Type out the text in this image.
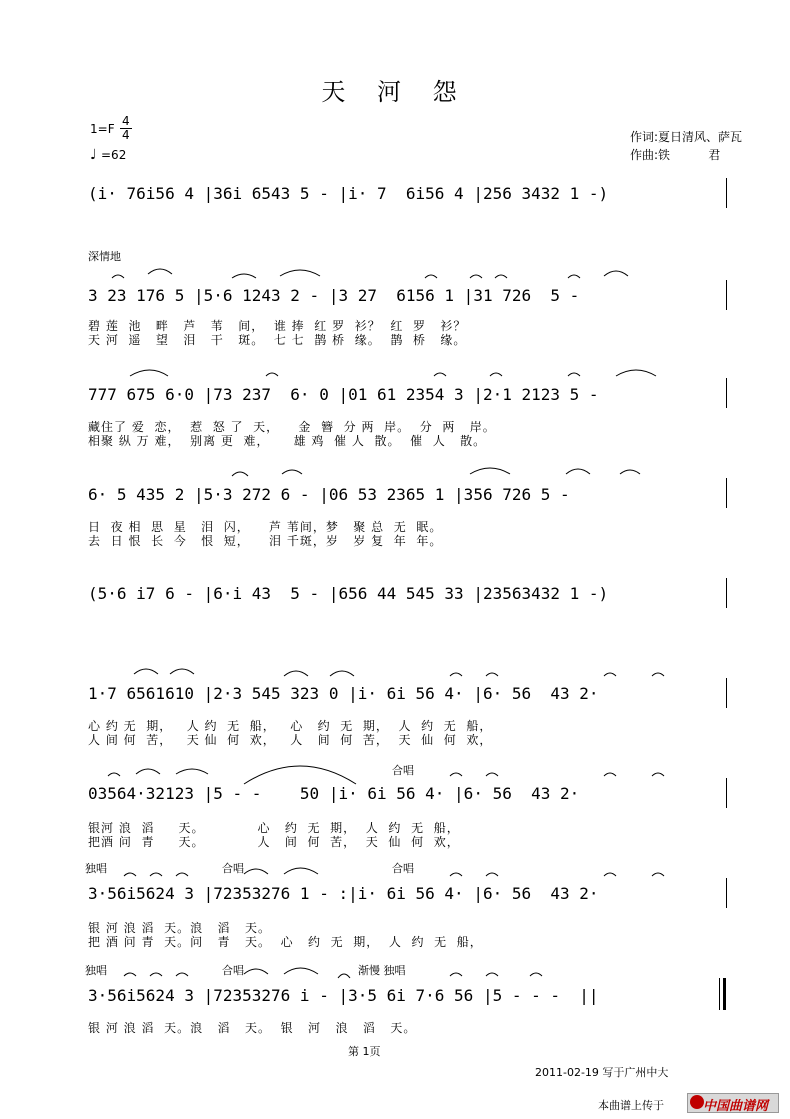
天 河 怨
1=F
4
4
♩ =62
作词:夏日清风、萨瓦
作曲:铁          君
深情地
合唱
独唱	合唱	合唱
独唱	合唱	渐慢 独唱
(i· 76i56 4 |36i 6543 5 - |i· 7  6i56 4 |256 3432 1 -)
3 23 176 5 |5·6 1243 2 - |3 27  6156 1 |31 726  5 -
碧 莲  池   畔   芦   苇   间，  谁 捧  红 罗  衫？  红  罗   衫？
天 河  遥   望   泪   干   斑。  七 七  鹊 桥  缘。  鹊  桥   缘。
777 675 6·0 |73 237  6· 0 |01 61 2354 3 |2·1 2123 5 -
藏住了 爱  恋，  惹  怒 了  天，    金  簪  分 两  岸。  分  两   岸。
相聚 纵 万 难，  别离 更  难，     雄 鸡  催 人  散。  催  人   散。
6· 5 435 2 |5·3 272 6 - |06 53 2365 1 |356 726 5 -
日  夜 相  思  星   泪  闪，    芦 苇间，梦   聚 总  无  眠。
去  日 恨  长  今   恨  短，    泪 千斑，岁   岁 复  年  年。
(5·6 i7 6 - |6·i 43  5 - |656 44 545 33 |23563432 1 -)
1·7 6561610 |2·3 545 323 0 |i· 6i 56 4· |6· 56  43 2·
心 约 无  期，   人 约  无  船，   心   约  无  期，  人  约  无  船，
人 间 何  苦，   天 仙  何  欢，   人   间  何  苦，  天  仙  何  欢，
03564·32123 |5 - -    50 |i· 6i 56 4· |6· 56  43 2·
银河 浪  滔     天。           心   约  无  期，  人  约  无  船，
把酒 问  青     天。           人   间  何  苦，  天  仙  何  欢，
3·56i5624 3 |72353276 1 - :|i· 6i 56 4· |6· 56  43 2·
银 河 浪 滔  天。浪   滔   天。
把 酒 问 青  天。问   青   天。  心   约  无  期，  人  约  无  船，
3·56i5624 3 |72353276 i - |3·5 6i 7·6 56 |5 - - -  ||
银 河 浪 滔  天。浪   滔   天。  银   河   浪   滔   天。
第 1页
2011-02-19 写于广州中大
本曲谱上传于	中国曲谱网
